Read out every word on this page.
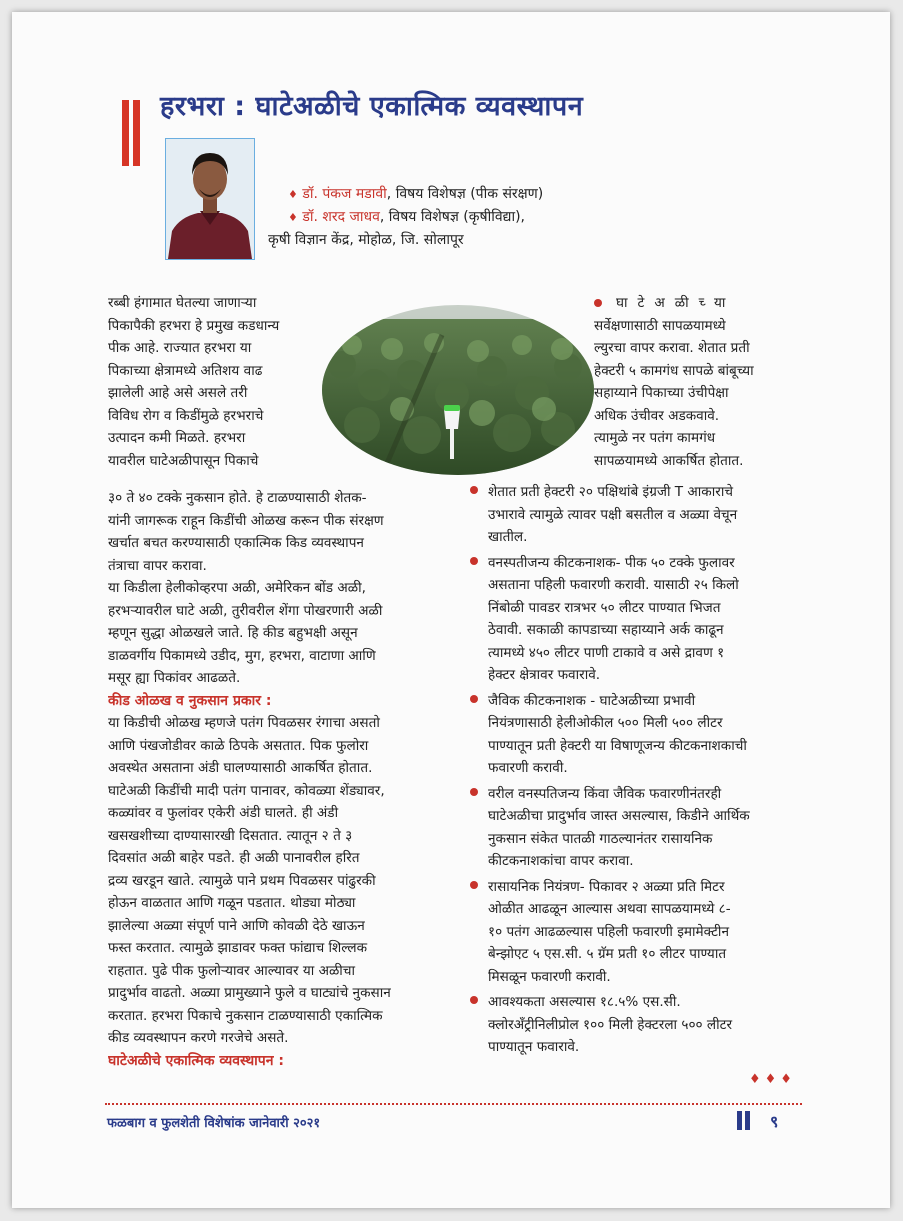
हरभरा : घाटेअळीचे एकात्मिक व्यवस्थापन
♦ डॉ. पंकज मडावी, विषय विशेषज्ञ (पीक संरक्षण)
♦ डॉ. शरद जाधव, विषय विशेषज्ञ (कृषीविद्या),
कृषी विज्ञान केंद्र, मोहोळ, जि. सोलापूर
रब्बी हंगामात घेतल्या जाणाऱ्या
पिकापैकी हरभरा हे प्रमुख कडधान्य
पीक आहे. राज्यात हरभरा या
पिकाच्या क्षेत्रामध्ये अतिशय वाढ
झालेली आहे असे असले तरी
विविध रोग व किडींमुळे हरभराचे
उत्पादन कमी मिळते. हरभरा
यावरील घाटेअळीपासून पिकाचे
घाटेअळीच्या
सर्वेक्षणासाठी सापळयामध्ये
ल्युरचा वापर करावा. शेतात प्रती
हेक्टरी ५ कामगंध सापळे बांबूच्या
सहाय्याने पिकाच्या उंचीपेक्षा
अधिक उंचीवर अडकवावे.
त्यामुळे नर पतंग कामगंध
सापळयामध्ये आकर्षित होतात.
३० ते ४० टक्के नुकसान होते. हे टाळण्यासाठी शेतक-
यांनी जागरूक राहून किडींची ओळख करून पीक संरक्षण
खर्चात बचत करण्यासाठी एकात्मिक किड व्यवस्थापन
तंत्राचा वापर करावा.
या किडीला हेलीकोव्हरपा अळी, अमेरिकन बोंड अळी,
हरभऱ्यावरील घाटे अळी, तुरीवरील शेंगा पोखरणारी अळी
म्हणून सुद्धा ओळखले जाते. हि कीड बहुभक्षी असून
डाळवर्गीय पिकामध्ये उडीद, मुग, हरभरा, वाटाणा आणि
मसूर ह्या पिकांवर आढळते.
कीड ओळख व नुकसान प्रकार :
या किडीची ओळख म्हणजे पतंग पिवळसर रंगाचा असतो
आणि पंखजोडीवर काळे ठिपके असतात. पिक फुलोरा
अवस्थेत असताना अंडी घालण्यासाठी आकर्षित होतात.
घाटेअळी किडींची मादी पतंग पानावर, कोवळ्या शेंड्यावर,
कळ्यांवर व फुलांवर एकेरी अंडी घालते. ही अंडी
खसखशीच्या दाण्यासारखी दिसतात. त्यातून २ ते ३
दिवसांत अळी बाहेर पडते. ही अळी पानावरील हरित
द्रव्य खरडून खाते. त्यामुळे पाने प्रथम पिवळसर पांढुरकी
होऊन वाळतात आणि गळून पडतात. थोड्या मोठ्या
झालेल्या अळ्या संपूर्ण पाने आणि कोवळी देठे खाऊन
फस्त करतात. त्यामुळे झाडावर फक्त फांद्याच शिल्लक
राहतात. पुढे पीक फुलोऱ्यावर आल्यावर या अळीचा
प्रादुर्भाव वाढतो. अळ्या प्रामुख्याने फुले व घाट्यांचे नुकसान
करतात. हरभरा पिकाचे नुकसान टाळण्यासाठी एकात्मिक
कीड व्यवस्थापन करणे गरजेचे असते.
घाटेअळीचे एकात्मिक व्यवस्थापन :
शेतात प्रती हेक्टरी २० पक्षिथांबे इंग्रजी T आकाराचे
उभारावे त्यामुळे त्यावर पक्षी बसतील व अळ्या वेचून
खातील.
वनस्पतीजन्य कीटकनाशक- पीक ५० टक्के फुलावर
असताना पहिली फवारणी करावी. यासाठी २५ किलो
निंबोळी पावडर रात्रभर ५० लीटर पाण्यात भिजत
ठेवावी. सकाळी कापडाच्या सहाय्याने अर्क काढून
त्यामध्ये ४५० लीटर पाणी टाकावे व असे द्रावण १
हेक्टर क्षेत्रावर फवारावे.
जैविक कीटकनाशक - घाटेअळीच्या प्रभावी
नियंत्रणासाठी हेलीओकील ५०० मिली ५०० लीटर
पाण्यातून प्रती हेक्टरी या विषाणूजन्य कीटकनाशकाची
फवारणी करावी.
वरील वनस्पतिजन्य किंवा जैविक फवारणीनंतरही
घाटेअळीचा प्रादुर्भाव जास्त असल्यास, किडीने आर्थिक
नुकसान संकेत पातळी गाठल्यानंतर रासायनिक
कीटकनाशकांचा वापर करावा.
रासायनिक नियंत्रण- पिकावर २ अळ्या प्रति मिटर
ओळीत आढळून आल्यास अथवा सापळयामध्ये ८-
१० पतंग आढळल्यास पहिली फवारणी इमामेक्टीन
बेन्झोएट ५ एस.सी. ५ ग्रॅम प्रती १० लीटर पाण्यात
मिसळून फवारणी करावी.
आवश्यकता असल्यास १८.५% एस.सी.
क्लोरॲंट्रीनिलीप्रोल १०० मिली हेक्टरला ५०० लीटर
पाण्यातून फवारावे.
♦♦♦
फळबाग व फुलशेती विशेषांक जानेवारी २०२१	९
